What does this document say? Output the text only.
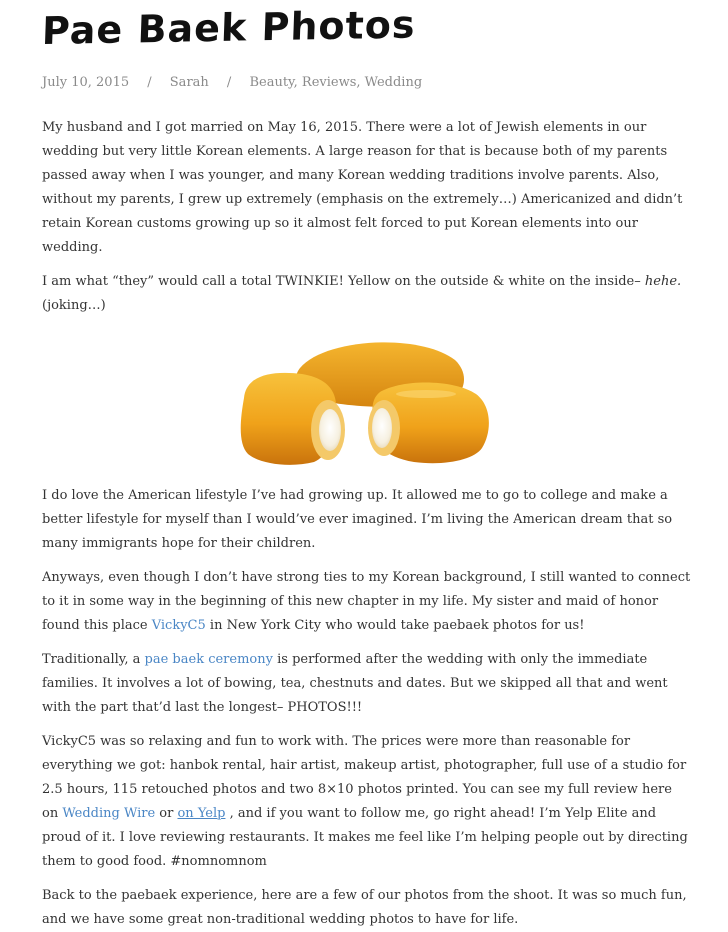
Pae Baek Photos
July 10, 2015 / Sarah / Beauty, Reviews, Wedding

My husband and I got married on May 16, 2015. There were a lot of Jewish elements in our wedding but very little Korean elements. A large reason for that is because both of my parents passed away when I was younger, and many Korean wedding traditions involve parents. Also, without my parents, I grew up extremely (emphasis on the extremely…) Americanized and didn’t retain Korean customs growing up so it almost felt forced to put Korean elements into our wedding.

I am what “they” would call a total TWINKIE! Yellow on the outside & white on the inside– hehe. (joking…)

I do love the American lifestyle I’ve had growing up. It allowed me to go to college and make a better lifestyle for myself than I would’ve ever imagined. I’m living the American dream that so many immigrants hope for their children.

Anyways, even though I don’t have strong ties to my Korean background, I still wanted to connect to it in some way in the beginning of this new chapter in my life. My sister and maid of honor found this place VickyC5 in New York City who would take paebaek photos for us!

Traditionally, a pae baek ceremony is performed after the wedding with only the immediate families. It involves a lot of bowing, tea, chestnuts and dates. But we skipped all that and went with the part that’d last the longest– PHOTOS!!!

VickyC5 was so relaxing and fun to work with. The prices were more than reasonable for everything we got: hanbok rental, hair artist, makeup artist, photographer, full use of a studio for 2.5 hours, 115 retouched photos and two 8×10 photos printed. You can see my full review here on Wedding Wire or on Yelp , and if you want to follow me, go right ahead! I’m Yelp Elite and proud of it. I love reviewing restaurants. It makes me feel like I’m helping people out by directing them to good food. #nomnomnom

Back to the paebaek experience, here are a few of our photos from the shoot. It was so much fun, and we have some great non-traditional wedding photos to have for life.
